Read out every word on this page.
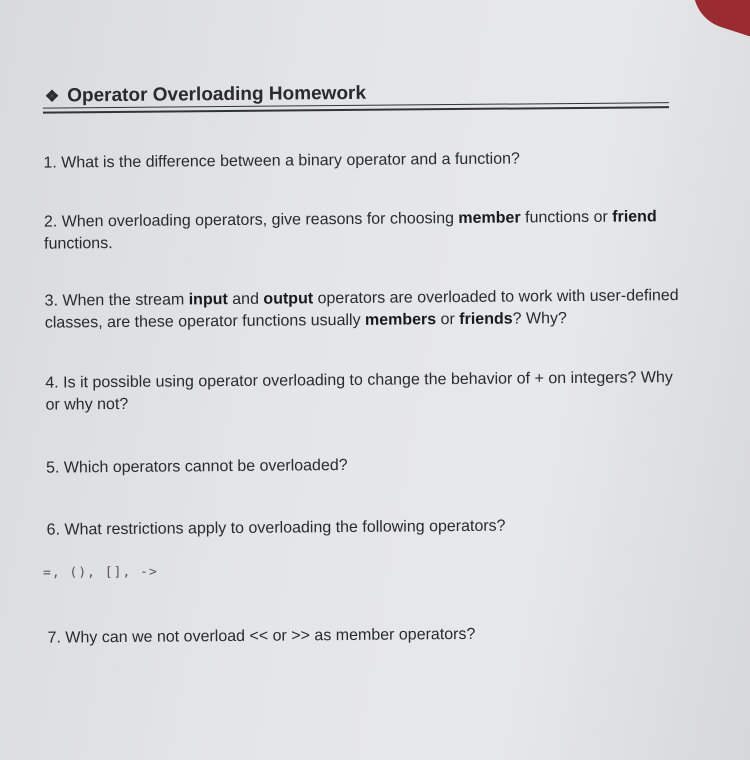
❖ Operator Overloading Homework
1. What is the difference between a binary operator and a function?
2. When overloading operators, give reasons for choosing member functions or friend functions.
3. When the stream input and output operators are overloaded to work with user-defined classes, are these operator functions usually members or friends? Why?
4. Is it possible using operator overloading to change the behavior of + on integers? Why or why not?
5. Which operators cannot be overloaded?
6. What restrictions apply to overloading the following operators?
=, (), [], ->
7. Why can we not overload << or >> as member operators?
